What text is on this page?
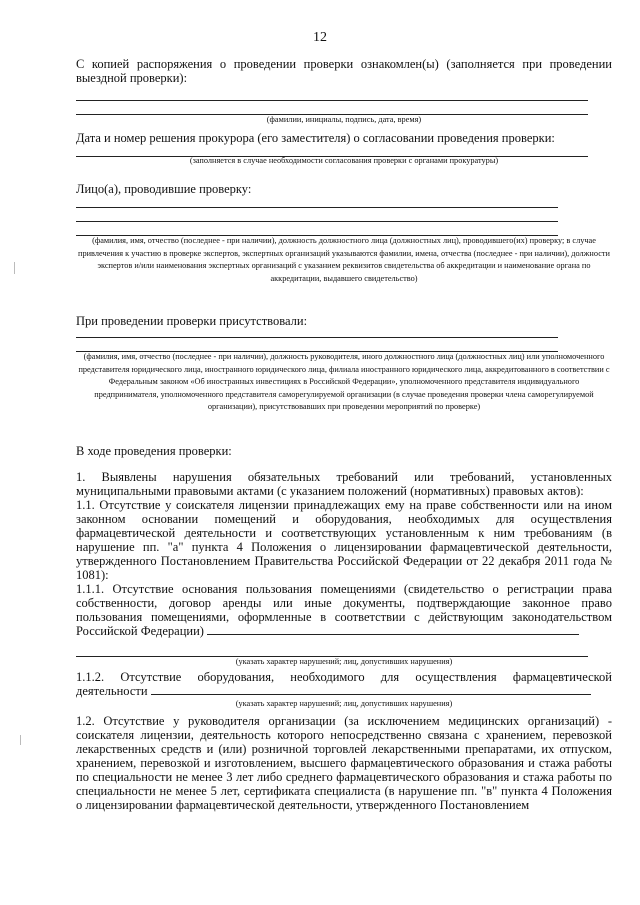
12

С копией распоряжения о проведении проверки ознакомлен(ы) (заполняется при проведении выездной проверки):

(фамилии, инициалы, подпись, дата, время)

Дата и номер решения прокурора (его заместителя) о согласовании проведения проверки:

(заполняется в случае необходимости согласования проверки с органами прокуратуры)

Лицо(а), проводившие проверку:

(фамилия, имя, отчество (последнее - при наличии), должность должностного лица (должностных лиц), проводившего(их) проверку; в случае привлечения к участию в проверке экспертов, экспертных организаций указываются фамилии, имена, отчества (последнее - при наличии), должности экспертов и/или наименования экспертных организаций с указанием реквизитов свидетельства об аккредитации и наименование органа по аккредитации, выдавшего свидетельство)

При проведении проверки присутствовали:

(фамилия, имя, отчество (последнее - при наличии), должность руководителя, иного должностного лица (должностных лиц) или уполномоченного представителя юридического лица, иностранного юридического лица, филиала иностранного юридического лица, аккредитованного в соответствии с Федеральным законом «Об иностранных инвестициях в Российской Федерации», уполномоченного представителя индивидуального предпринимателя, уполномоченного представителя саморегулируемой организации (в случае проведения проверки члена саморегулируемой организации), присутствовавших при проведении мероприятий по проверке)

В ходе проведения проверки:

1. Выявлены нарушения обязательных требований или требований, установленных

муниципальными правовыми актами (с указанием положений (нормативных) правовых актов):

1.1. Отсутствие у соискателя лицензии принадлежащих ему на праве собственности или на ином законном основании помещений и оборудования, необходимых для осуществления фармацевтической деятельности и соответствующих установленным к ним требованиям (в нарушение пп. "а" пункта 4 Положения о лицензировании фармацевтической деятельности, утвержденного Постановлением Правительства Российской Федерации от 22 декабря 2011 года № 1081):

1.1.1. Отсутствие основания пользования помещениями (свидетельство о регистрации права собственности, договор аренды или иные документы, подтверждающие законное право пользования помещениями, оформленные в соответствии с действующим законодательством Российской Федерации)

(указать характер нарушений; лиц, допустивших нарушения)

1.1.2. Отсутствие оборудования, необходимого для осуществления фармацевтической

деятельности

(указать характер нарушений; лиц, допустивших нарушения)

1.2. Отсутствие у руководителя организации (за исключением медицинских организаций) - соискателя лицензии, деятельность которого непосредственно связана с хранением, перевозкой лекарственных средств и (или) розничной торговлей лекарственными препаратами, их отпуском, хранением, перевозкой и изготовлением, высшего фармацевтического образования и стажа работы по специальности не менее 3 лет либо среднего фармацевтического образования и стажа работы по специальности не менее 5 лет, сертификата специалиста (в нарушение пп. "в" пункта 4 Положения о лицензировании фармацевтической деятельности, утвержденного Постановлением
